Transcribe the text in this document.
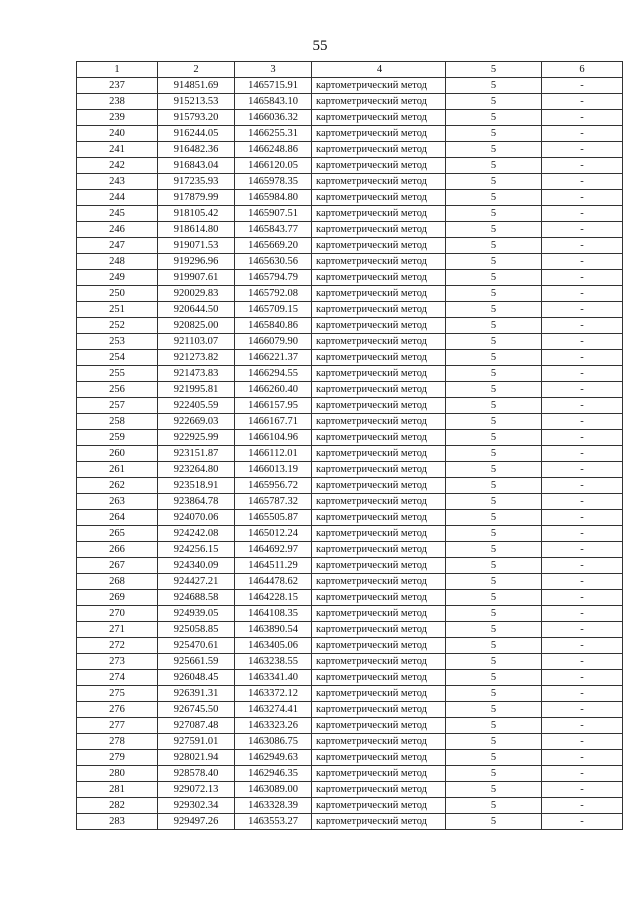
55
1	2	3	4	5	6
237	914851.69	1465715.91	картометрический метод	5	-
238	915213.53	1465843.10	картометрический метод	5	-
239	915793.20	1466036.32	картометрический метод	5	-
240	916244.05	1466255.31	картометрический метод	5	-
241	916482.36	1466248.86	картометрический метод	5	-
242	916843.04	1466120.05	картометрический метод	5	-
243	917235.93	1465978.35	картометрический метод	5	-
244	917879.99	1465984.80	картометрический метод	5	-
245	918105.42	1465907.51	картометрический метод	5	-
246	918614.80	1465843.77	картометрический метод	5	-
247	919071.53	1465669.20	картометрический метод	5	-
248	919296.96	1465630.56	картометрический метод	5	-
249	919907.61	1465794.79	картометрический метод	5	-
250	920029.83	1465792.08	картометрический метод	5	-
251	920644.50	1465709.15	картометрический метод	5	-
252	920825.00	1465840.86	картометрический метод	5	-
253	921103.07	1466079.90	картометрический метод	5	-
254	921273.82	1466221.37	картометрический метод	5	-
255	921473.83	1466294.55	картометрический метод	5	-
256	921995.81	1466260.40	картометрический метод	5	-
257	922405.59	1466157.95	картометрический метод	5	-
258	922669.03	1466167.71	картометрический метод	5	-
259	922925.99	1466104.96	картометрический метод	5	-
260	923151.87	1466112.01	картометрический метод	5	-
261	923264.80	1466013.19	картометрический метод	5	-
262	923518.91	1465956.72	картометрический метод	5	-
263	923864.78	1465787.32	картометрический метод	5	-
264	924070.06	1465505.87	картометрический метод	5	-
265	924242.08	1465012.24	картометрический метод	5	-
266	924256.15	1464692.97	картометрический метод	5	-
267	924340.09	1464511.29	картометрический метод	5	-
268	924427.21	1464478.62	картометрический метод	5	-
269	924688.58	1464228.15	картометрический метод	5	-
270	924939.05	1464108.35	картометрический метод	5	-
271	925058.85	1463890.54	картометрический метод	5	-
272	925470.61	1463405.06	картометрический метод	5	-
273	925661.59	1463238.55	картометрический метод	5	-
274	926048.45	1463341.40	картометрический метод	5	-
275	926391.31	1463372.12	картометрический метод	5	-
276	926745.50	1463274.41	картометрический метод	5	-
277	927087.48	1463323.26	картометрический метод	5	-
278	927591.01	1463086.75	картометрический метод	5	-
279	928021.94	1462949.63	картометрический метод	5	-
280	928578.40	1462946.35	картометрический метод	5	-
281	929072.13	1463089.00	картометрический метод	5	-
282	929302.34	1463328.39	картометрический метод	5	-
283	929497.26	1463553.27	картометрический метод	5	-
